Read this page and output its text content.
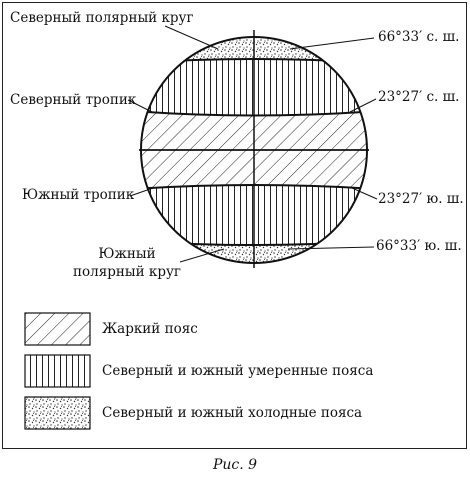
Северный полярный круг
Северный тропик
Южный тропик
Южный
полярный круг
66°33′ с. ш.
23°27′ с. ш.
23°27′ ю. ш.
66°33′ ю. ш.
Жаркий пояс
Северный и южный умеренные пояса
Северный и южный холодные пояса
Рис. 9
